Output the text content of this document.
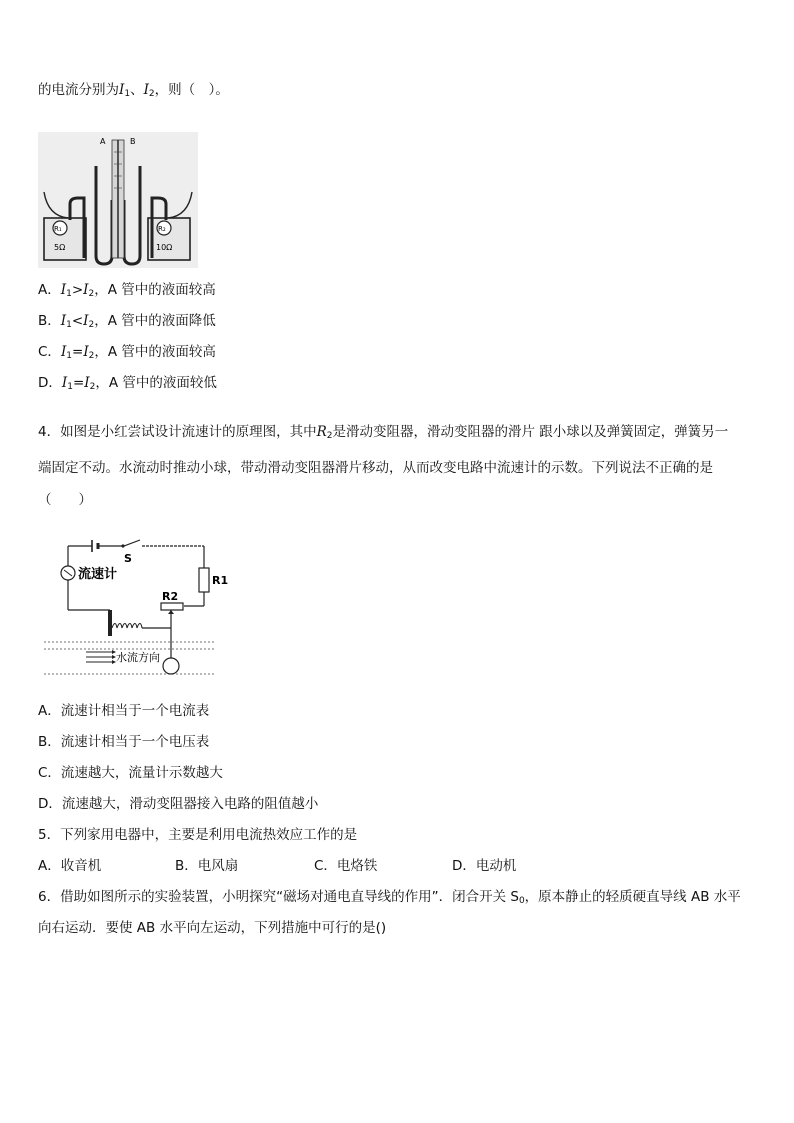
的电流分别为$I_1$、$I_2$，则（　）。
R₁
5Ω
R₂
10Ω
A	B
A．$I_1>I_2$，A 管中的液面较高
B．$I_1<I_2$，A 管中的液面降低
C．$I_1=I_2$，A 管中的液面较高
D．$I_1=I_2$，A 管中的液面较低
4．如图是小红尝试设计流速计的原理图，其中$R_2$是滑动变阻器，滑动变阻器的滑片 跟小球以及弹簧固定，弹簧另一
端固定不动。水流动时推动小球，带动滑动变阻器滑片移动，从而改变电路中流速计的示数。下列说法不正确的是
（　　）
S
流速计	R1
R2
水流方向
A．流速计相当于一个电流表
B．流速计相当于一个电压表
C．流速越大，流量计示数越大
D．流速越大，滑动变阻器接入电路的阻值越小
5．下列家用电器中，主要是利用电流热效应工作的是
A．收音机	B．电风扇	C．电烙铁	D．电动机
6．借助如图所示的实验装置，小明探究“磁场对通电直导线的作用”．闭合开关 $S_0$，原本静止的轻质硬直导线 AB 水平
向右运动．要使 AB 水平向左运动，下列措施中可行的是()
